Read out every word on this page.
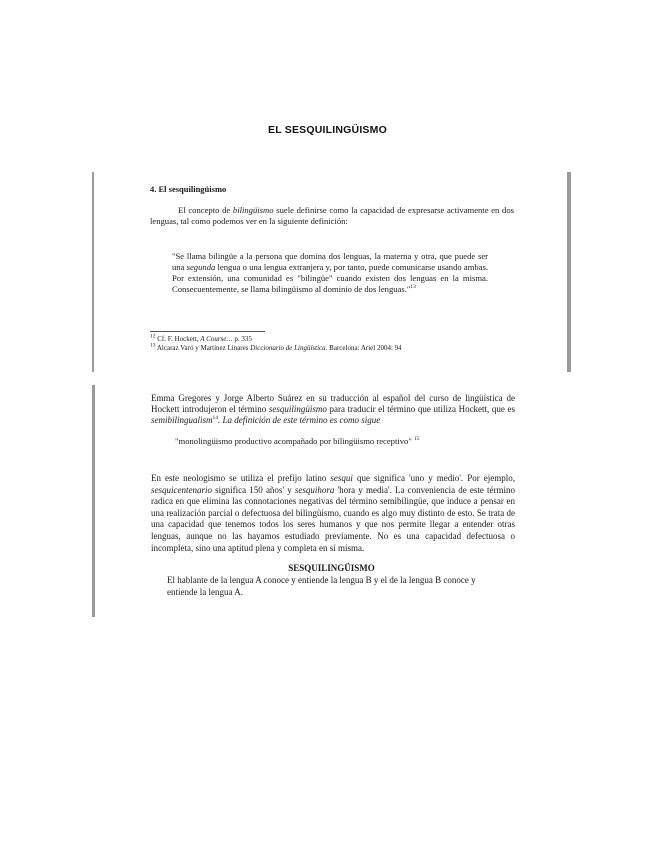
EL SESQUILINGÜISMO
4. El sesquilingüismo

El concepto de bilingüismo suele definirse como la capacidad de expresarse activamente en dos lenguas, tal como podemos ver en la siguiente definición:

"Se llama bilingüe a la persona que domina dos lenguas, la materna y otra, que puede ser una segunda lengua o una lengua extranjera y, por tanto, puede comunicarse usando ambas. Por extensión, una comunidad es "bilingüe" cuando existen dos lenguas en la misma. Consecuentemente, se llama bilingüismo al dominio de dos lenguas."$^{13}$

$^{12}$ Cf. F. Hockett, A Course… p. 335
$^{13}$ Alcaraz Varó y Martínez Linares Diccionario de Lingüística. Barcelona: Ariel 2004: 94

Emma Gregores y Jorge Alberto Suárez en su traducción al español del curso de lingüística de Hockett introdujeron el término sesquilingüismo para traducir el término que utiliza Hockett, que es semibilingualism$^{14}$. La definición de este término es como sigue

"monolingüismo productivo acompañado por bilingüismo receptivo" $^{15}$

En este neologismo se utiliza el prefijo latino sesqui que significa 'uno y medio'. Por ejemplo, sesquicentenario significa 150 años' y sesquihora 'hora y media'. La conveniencia de este término radica en que elimina las connotaciones negativas del término semibilingüe, que induce a pensar en una realización parcial o defectuosa del bilingüismo, cuando es algo muy distinto de esto. Se trata de una capacidad que tenemos todos los seres humanos y que nos permite llegar a entender otras lenguas, aunque no las hayamos estudiado previamente. No es una capacidad defectuosa o incompleta, sino una aptitud plena y completa en sí misma.

SESQUILINGÜISMO

El hablante de la lengua A conoce y entiende la lengua B y el de la lengua B conoce y entiende la lengua A.
